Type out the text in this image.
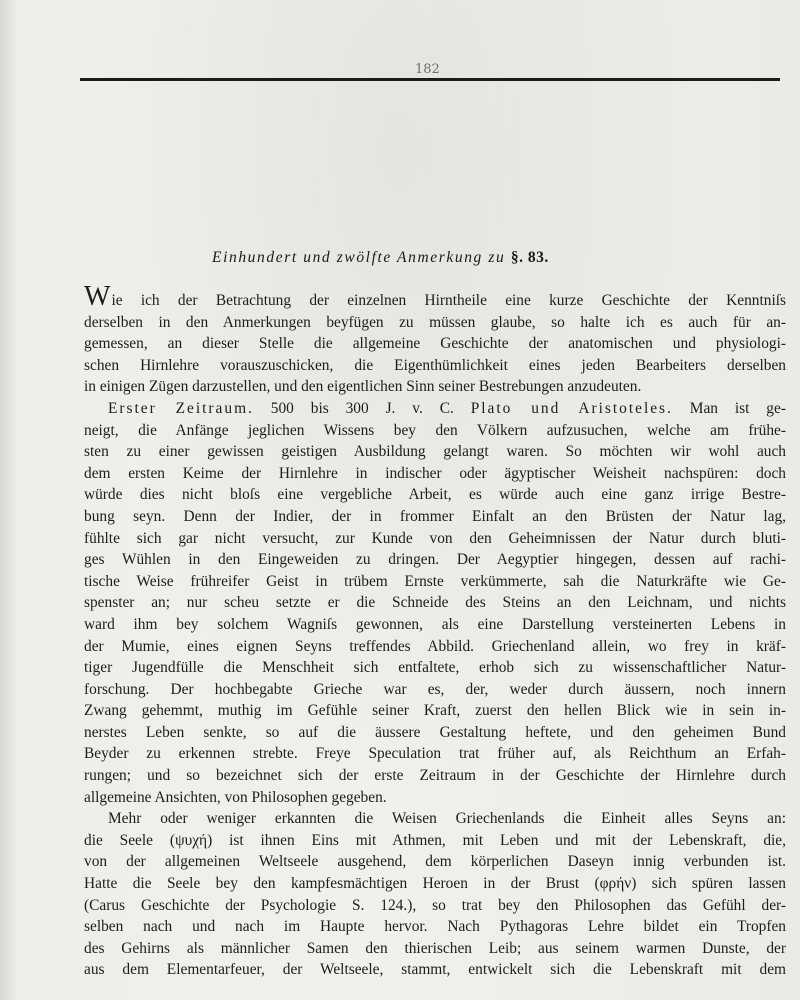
182
Einhundert und zwölfte Anmerkung zu §. 83.
Wie ich der Betrachtung der einzelnen Hirntheile eine kurze Geschichte der Kenntniſs
derselben in den Anmerkungen beyfügen zu müssen glaube, so halte ich es auch für an-
gemessen, an dieser Stelle die allgemeine Geschichte der anatomischen und physiologi-
schen Hirnlehre vorauszuschicken, die Eigenthümlichkeit eines jeden Bearbeiters derselben
in einigen Zügen darzustellen, und den eigentlichen Sinn seiner Bestrebungen anzudeuten.
Erster Zeitraum. 500 bis 300 J. v. C. Plato und Aristoteles. Man ist ge-
neigt, die Anfänge jeglichen Wissens bey den Völkern aufzusuchen, welche am frühe-
sten zu einer gewissen geistigen Ausbildung gelangt waren. So möchten wir wohl auch
dem ersten Keime der Hirnlehre in indischer oder ägyptischer Weisheit nachspüren: doch
würde dies nicht bloſs eine vergebliche Arbeit, es würde auch eine ganz irrige Bestre-
bung seyn. Denn der Indier, der in frommer Einfalt an den Brüsten der Natur lag,
fühlte sich gar nicht versucht, zur Kunde von den Geheimnissen der Natur durch bluti-
ges Wühlen in den Eingeweiden zu dringen. Der Aegyptier hingegen, dessen auf rachi-
tische Weise frühreifer Geist in trübem Ernste verkümmerte, sah die Naturkräfte wie Ge-
spenster an; nur scheu setzte er die Schneide des Steins an den Leichnam, und nichts
ward ihm bey solchem Wagniſs gewonnen, als eine Darstellung versteinerten Lebens in
der Mumie, eines eignen Seyns treffendes Abbild. Griechenland allein, wo frey in kräf-
tiger Jugendfülle die Menschheit sich entfaltete, erhob sich zu wissenschaftlicher Natur-
forschung. Der hochbegabte Grieche war es, der, weder durch äussern, noch innern
Zwang gehemmt, muthig im Gefühle seiner Kraft, zuerst den hellen Blick wie in sein in-
nerstes Leben senkte, so auf die äussere Gestaltung heftete, und den geheimen Bund
Beyder zu erkennen strebte. Freye Speculation trat früher auf, als Reichthum an Erfah-
rungen; und so bezeichnet sich der erste Zeitraum in der Geschichte der Hirnlehre durch
allgemeine Ansichten, von Philosophen gegeben.
Mehr oder weniger erkannten die Weisen Griechenlands die Einheit alles Seyns an:
die Seele (ψυχή) ist ihnen Eins mit Athmen, mit Leben und mit der Lebenskraft, die,
von der allgemeinen Weltseele ausgehend, dem körperlichen Daseyn innig verbunden ist.
Hatte die Seele bey den kampfesmächtigen Heroen in der Brust (φρήν) sich spüren lassen
(Carus Geschichte der Psychologie S. 124.), so trat bey den Philosophen das Gefühl der-
selben nach und nach im Haupte hervor. Nach Pythagoras Lehre bildet ein Tropfen
des Gehirns als männlicher Samen den thierischen Leib; aus seinem warmen Dunste, der
aus dem Elementarfeuer, der Weltseele, stammt, entwickelt sich die Lebenskraft mit dem
